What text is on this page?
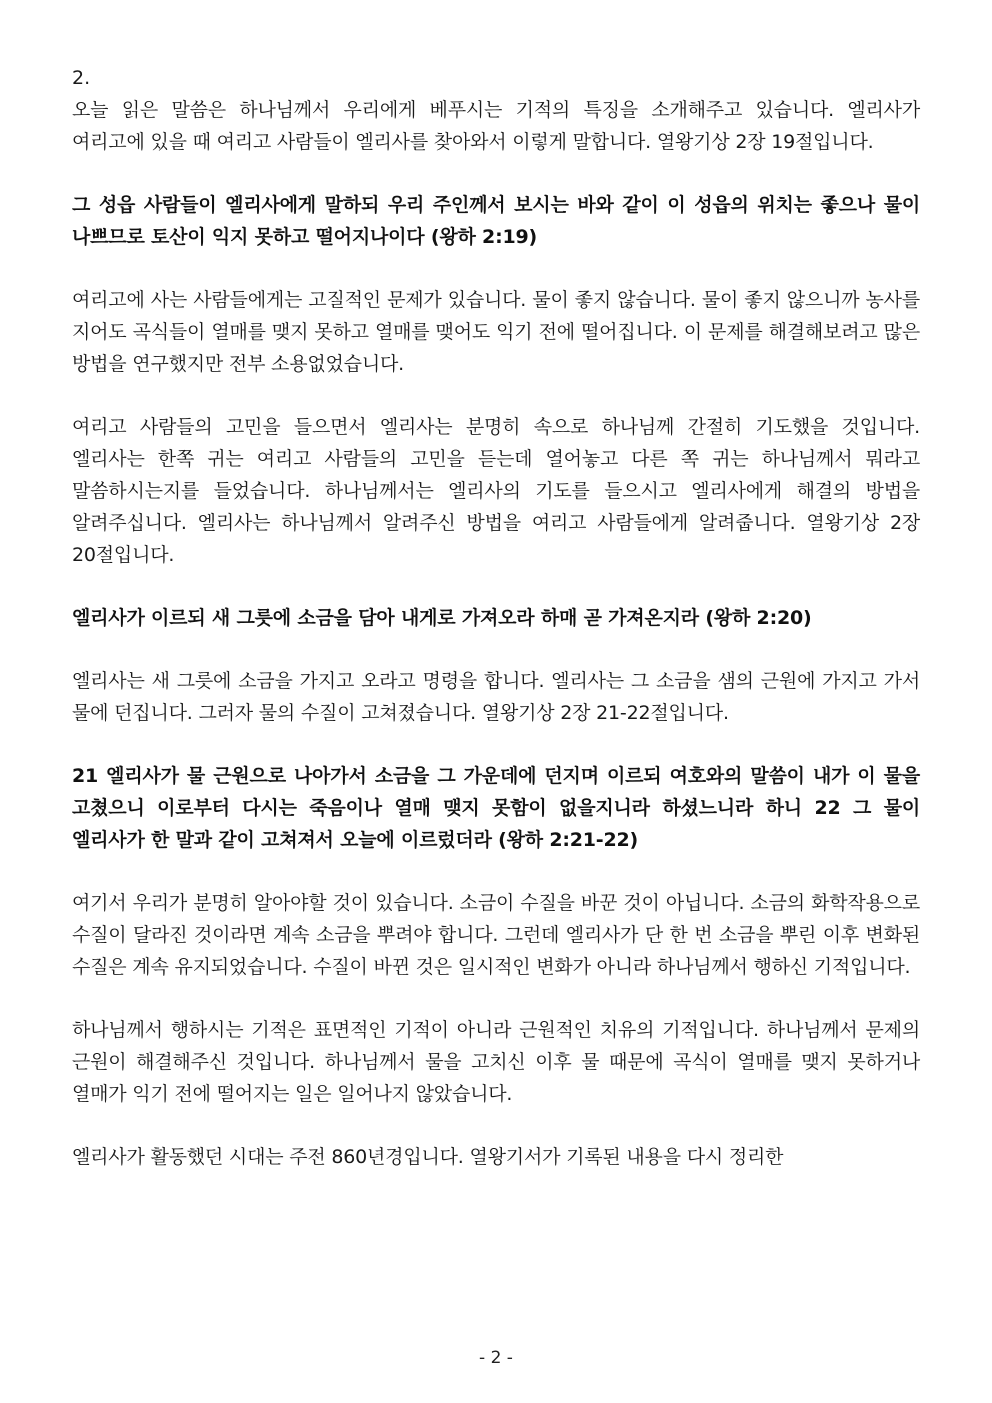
2.

오늘 읽은 말씀은 하나님께서 우리에게 베푸시는 기적의 특징을 소개해주고 있습니다. 엘리사가 여리고에 있을 때 여리고 사람들이 엘리사를 찾아와서 이렇게 말합니다. 열왕기상 2장 19절입니다.

그 성읍 사람들이 엘리사에게 말하되 우리 주인께서 보시는 바와 같이 이 성읍의 위치는 좋으나 물이 나쁘므로 토산이 익지 못하고 떨어지나이다 (왕하 2:19)

여리고에 사는 사람들에게는 고질적인 문제가 있습니다. 물이 좋지 않습니다. 물이 좋지 않으니까 농사를 지어도 곡식들이 열매를 맺지 못하고 열매를 맺어도 익기 전에 떨어집니다. 이 문제를 해결해보려고 많은 방법을 연구했지만 전부 소용없었습니다.

여리고 사람들의 고민을 들으면서 엘리사는 분명히 속으로 하나님께 간절히 기도했을 것입니다. 엘리사는 한쪽 귀는 여리고 사람들의 고민을 듣는데 열어놓고 다른 쪽 귀는 하나님께서 뭐라고 말씀하시는지를 들었습니다. 하나님께서는 엘리사의 기도를 들으시고 엘리사에게 해결의 방법을 알려주십니다. 엘리사는 하나님께서 알려주신 방법을 여리고 사람들에게 알려줍니다. 열왕기상 2장 20절입니다.

엘리사가 이르되 새 그릇에 소금을 담아 내게로 가져오라 하매 곧 가져온지라 (왕하 2:20)

엘리사는 새 그릇에 소금을 가지고 오라고 명령을 합니다. 엘리사는 그 소금을 샘의 근원에 가지고 가서 물에 던집니다. 그러자 물의 수질이 고쳐졌습니다. 열왕기상 2장 21-22절입니다.

21 엘리사가 물 근원으로 나아가서 소금을 그 가운데에 던지며 이르되 여호와의 말씀이 내가 이 물을 고쳤으니 이로부터 다시는 죽음이나 열매 맺지 못함이 없을지니라 하셨느니라 하니 22 그 물이 엘리사가 한 말과 같이 고쳐져서 오늘에 이르렀더라 (왕하 2:21-22)

여기서 우리가 분명히 알아야할 것이 있습니다. 소금이 수질을 바꾼 것이 아닙니다. 소금의 화학작용으로 수질이 달라진 것이라면 계속 소금을 뿌려야 합니다. 그런데 엘리사가 단 한 번 소금을 뿌린 이후 변화된 수질은 계속 유지되었습니다. 수질이 바뀐 것은 일시적인 변화가 아니라 하나님께서 행하신 기적입니다.

하나님께서 행하시는 기적은 표면적인 기적이 아니라 근원적인 치유의 기적입니다. 하나님께서 문제의 근원이 해결해주신 것입니다. 하나님께서 물을 고치신 이후 물 때문에 곡식이 열매를 맺지 못하거나 열매가 익기 전에 떨어지는 일은 일어나지 않았습니다.

엘리사가 활동했던 시대는 주전 860년경입니다. 열왕기서가 기록된 내용을 다시 정리한

- 2 -
